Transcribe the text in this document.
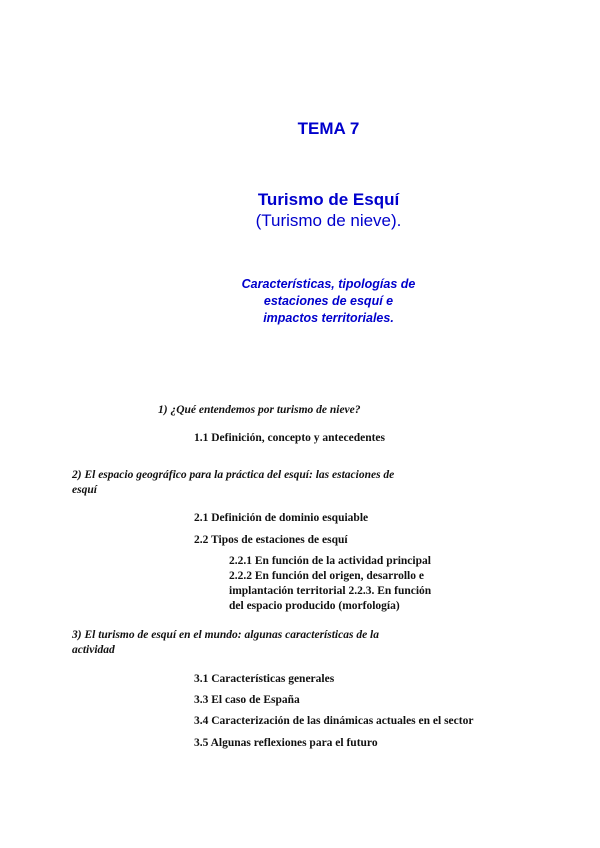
TEMA 7
Turismo de Esquí
(Turismo de nieve).
Características, tipologías de
estaciones de esquí e
impactos territoriales.
1) ¿Qué entendemos por turismo de nieve?
1.1 Definición, concepto y antecedentes
2) El espacio geográfico para la práctica del esquí: las estaciones de
esquí
2.1 Definición de dominio esquiable
2.2 Tipos de estaciones de esquí
2.2.1 En función de la actividad principal
2.2.2 En función del origen, desarrollo e
implantación territorial 2.2.3. En función
del espacio producido (morfología)
3) El turismo de esquí en el mundo: algunas características de la
actividad
3.1 Características generales
3.3 El caso de España
3.4 Caracterización de las dinámicas actuales en el sector
3.5 Algunas reflexiones para el futuro
